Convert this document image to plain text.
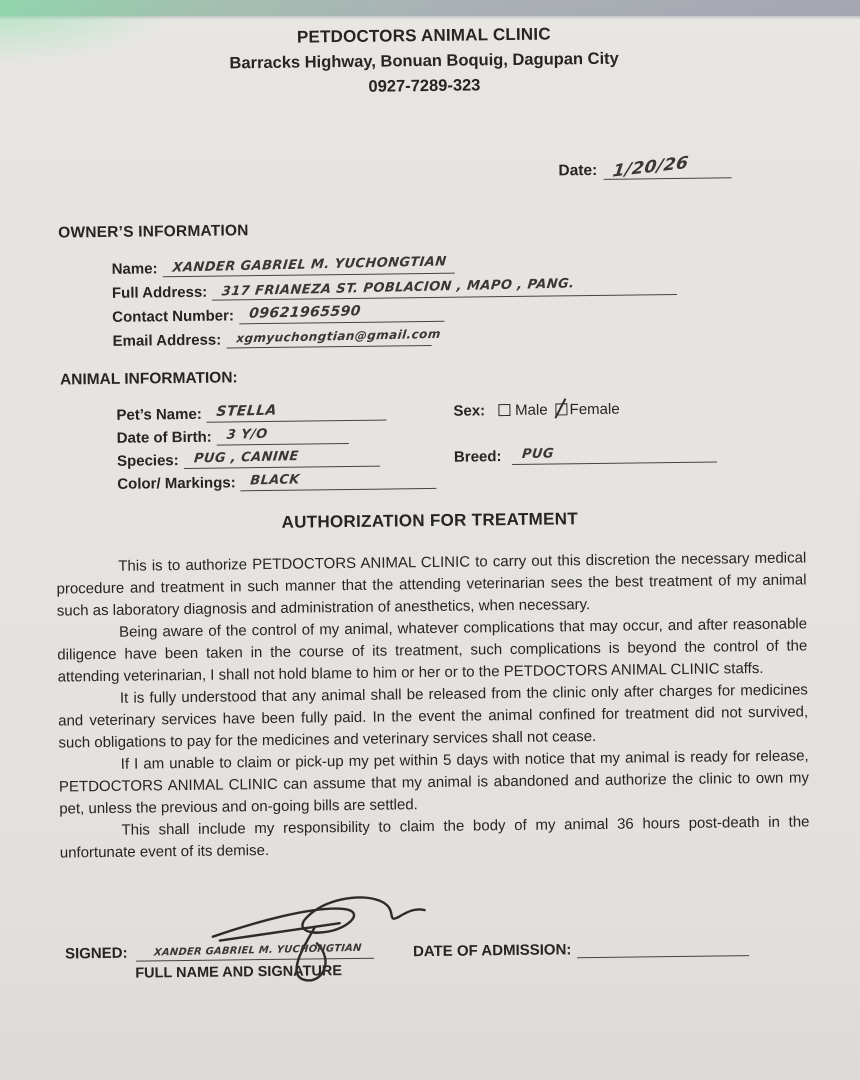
PETDOCTORS ANIMAL CLINIC
Barracks Highway, Bonuan Boquig, Dagupan City
0927-7289-323
Date: 1/20/26
OWNER’S INFORMATION
Name:	XANDER GABRIEL M. YUCHONGTIAN
Full Address:	317 FRIANEZA ST. POBLACION , MAPO , PANG.
Contact Number:	09621965590
Email Address:	xgmyuchongtian@gmail.com
ANIMAL INFORMATION:
Pet’s Name:	STELLA	Sex: Male Female
Date of Birth:	3 Y/O
Species:	PUG , CANINE	Breed:	PUG
Color/ Markings:	BLACK
AUTHORIZATION FOR TREATMENT

This is to authorize PETDOCTORS ANIMAL CLINIC to carry out this discretion the necessary medical procedure and treatment in such manner that the attending veterinarian sees the best treatment of my animal such as laboratory diagnosis and administration of anesthetics, when necessary.

Being aware of the control of my animal, whatever complications that may occur, and after reasonable diligence have been taken in the course of its treatment, such complications is beyond the control of the attending veterinarian, I shall not hold blame to him or her or to the PETDOCTORS ANIMAL CLINIC staffs.

It is fully understood that any animal shall be released from the clinic only after charges for medicines and veterinary services have been fully paid. In the event the animal confined for treatment did not survived, such obligations to pay for the medicines and veterinary services shall not cease.

If I am unable to claim or pick-up my pet within 5 days with notice that my animal is ready for release, PETDOCTORS ANIMAL CLINIC can assume that my animal is abandoned and authorize the clinic to own my pet, unless the previous and on-going bills are settled.

This shall include my responsibility to claim the body of my animal 36 hours post-death in the unfortunate event of its demise.

SIGNED:	XANDER GABRIEL M. YUCHONGTIAN
FULL NAME AND SIGNATURE
DATE OF ADMISSION:
